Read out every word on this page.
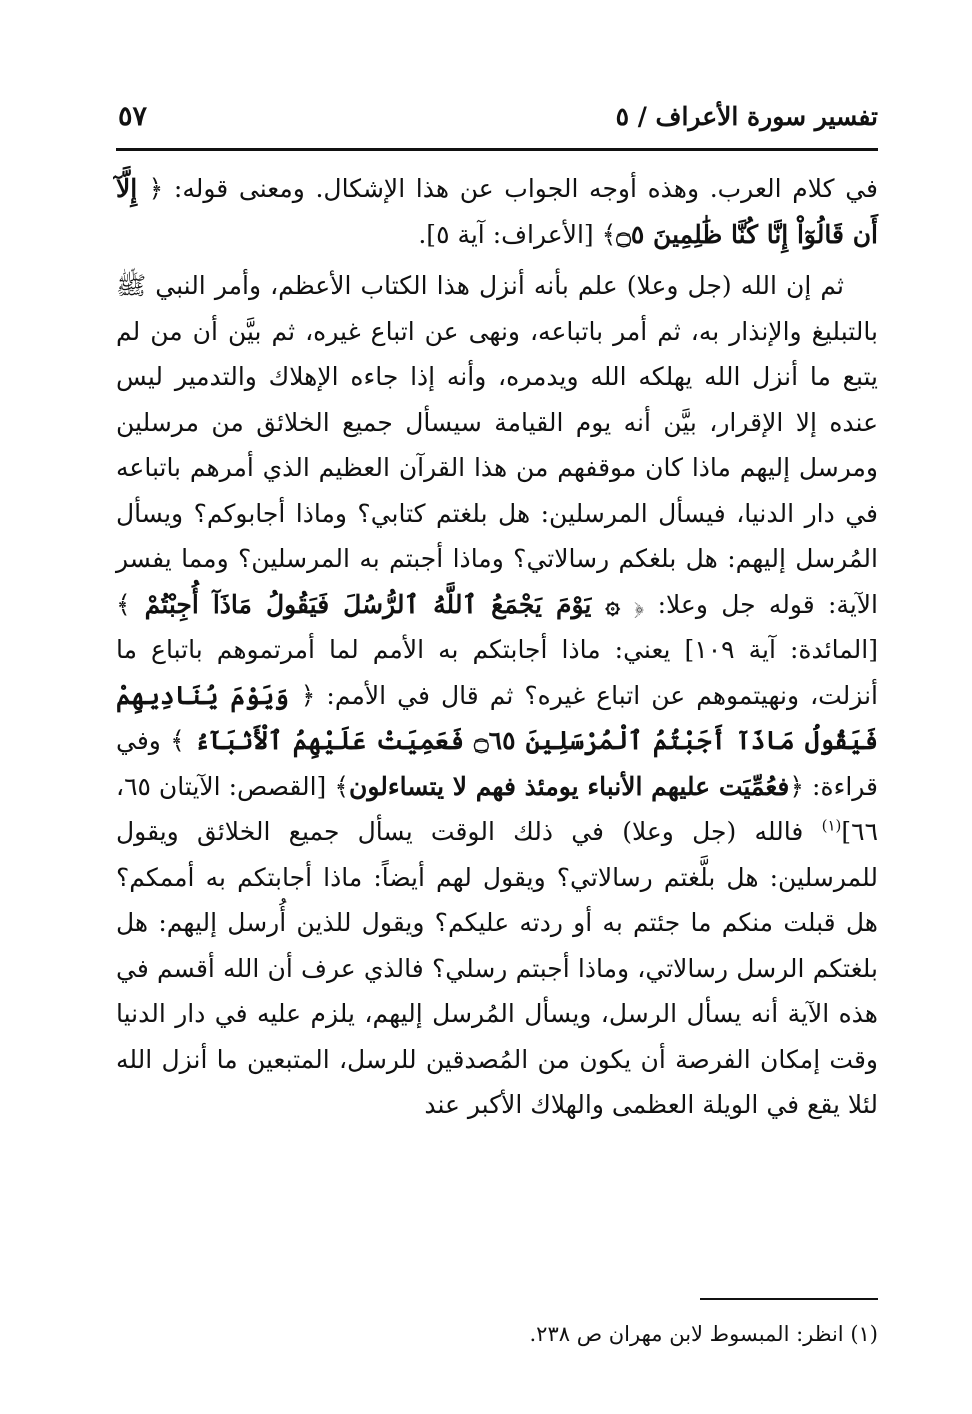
تفسير سورة الأعراف / ٥
٥٧

في كلام العرب. وهذه أوجه الجواب عن هذا الإشكال. ومعنى قوله: ﴿ إِلَّآ أَن قَالُوٓاْ إِنَّا كُنَّا ظَٰلِمِينَ ۝٥﴾ [الأعراف: آية ٥].

ثم إن الله (جل وعلا) علم بأنه أنزل هذا الكتاب الأعظم، وأمر النبي ﷺ بالتبليغ والإنذار به، ثم أمر باتباعه، ونهى عن اتباع غيره، ثم بيَّن أن من لم يتبع ما أنزل الله يهلكه الله ويدمره، وأنه إذا جاءه الإهلاك والتدمير ليس عنده إلا الإقرار، بيَّن أنه يوم القيامة سيسأل جميع الخلائق من مرسلين ومرسل إليهم ماذا كان موقفهم من هذا القرآن العظيم الذي أمرهم باتباعه في دار الدنيا، فيسأل المرسلين: هل بلغتم كتابي؟ وماذا أجابوكم؟ ويسأل المُرسل إليهم: هل بلغكم رسالاتي؟ وماذا أجبتم به المرسلين؟ ومما يفسر الآية: قوله جل وعلا: ﴿ ۞ يَوْمَ يَجْمَعُ ٱللَّهُ ٱلرُّسُلَ فَيَقُولُ مَاذَآ أُجِبْتُمْ ﴾ [المائدة: آية ١٠٩] يعني: ماذا أجابتكم به الأمم لما أمرتموهم باتباع ما أنزلت، ونهيتموهم عن اتباع غيره؟ ثم قال في الأمم: ﴿ وَيَوْمَ يُنَادِيهِمْ فَيَقُولُ مَاذَآ أَجَبْتُمُ ٱلْمُرْسَلِينَ ۝٦٥ فَعَمِيَتْ عَلَيْهِمُ ٱلْأَنۢبَآءُ ﴾ وفي قراءة: ﴿فعُمِّيَت عليهم الأنباء يومئذ فهم لا يتساءلون﴾ [القصص: الآيتان ٦٥، ٦٦]$^{(١)}$ فالله (جل وعلا) في ذلك الوقت يسأل جميع الخلائق ويقول للمرسلين: هل بلَّغتم رسالاتي؟ ويقول لهم أيضاً: ماذا أجابتكم به أممكم؟ هل قبلت منكم ما جئتم به أو ردته عليكم؟ ويقول للذين أُرسل إليهم: هل بلغتكم الرسل رسالاتي، وماذا أجبتم رسلي؟ فالذي عرف أن الله أقسم في هذه الآية أنه يسأل الرسل، ويسأل المُرسل إليهم، يلزم عليه في دار الدنيا وقت إمكان الفرصة أن يكون من المُصدقين للرسل، المتبعين ما أنزل الله لئلا يقع في الويلة العظمى والهلاك الأكبر عند

(١) انظر: المبسوط لابن مهران ص ٢٣٨.
